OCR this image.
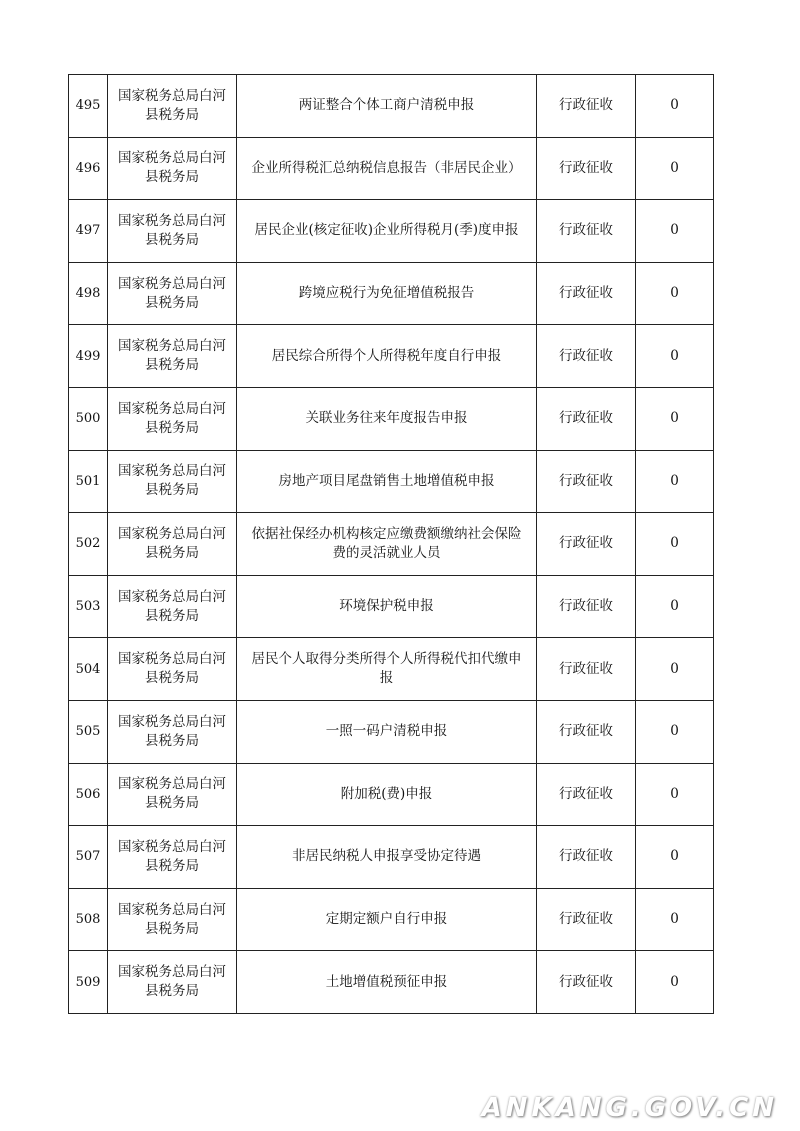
495	国家税务总局白河县税务局	两证整合个体工商户清税申报	行政征收	0
496	国家税务总局白河县税务局	企业所得税汇总纳税信息报告（非居民企业）	行政征收	0
497	国家税务总局白河县税务局	居民企业(核定征收)企业所得税月(季)度申报	行政征收	0
498	国家税务总局白河县税务局	跨境应税行为免征增值税报告	行政征收	0
499	国家税务总局白河县税务局	居民综合所得个人所得税年度自行申报	行政征收	0
500	国家税务总局白河县税务局	关联业务往来年度报告申报	行政征收	0
501	国家税务总局白河县税务局	房地产项目尾盘销售土地增值税申报	行政征收	0
502	国家税务总局白河县税务局	依据社保经办机构核定应缴费额缴纳社会保险费的灵活就业人员	行政征收	0
503	国家税务总局白河县税务局	环境保护税申报	行政征收	0
504	国家税务总局白河县税务局	居民个人取得分类所得个人所得税代扣代缴申报	行政征收	0
505	国家税务总局白河县税务局	一照一码户清税申报	行政征收	0
506	国家税务总局白河县税务局	附加税(费)申报	行政征收	0
507	国家税务总局白河县税务局	非居民纳税人申报享受协定待遇	行政征收	0
508	国家税务总局白河县税务局	定期定额户自行申报	行政征收	0
509	国家税务总局白河县税务局	土地增值税预征申报	行政征收	0
ANKANG.GOV.CN
